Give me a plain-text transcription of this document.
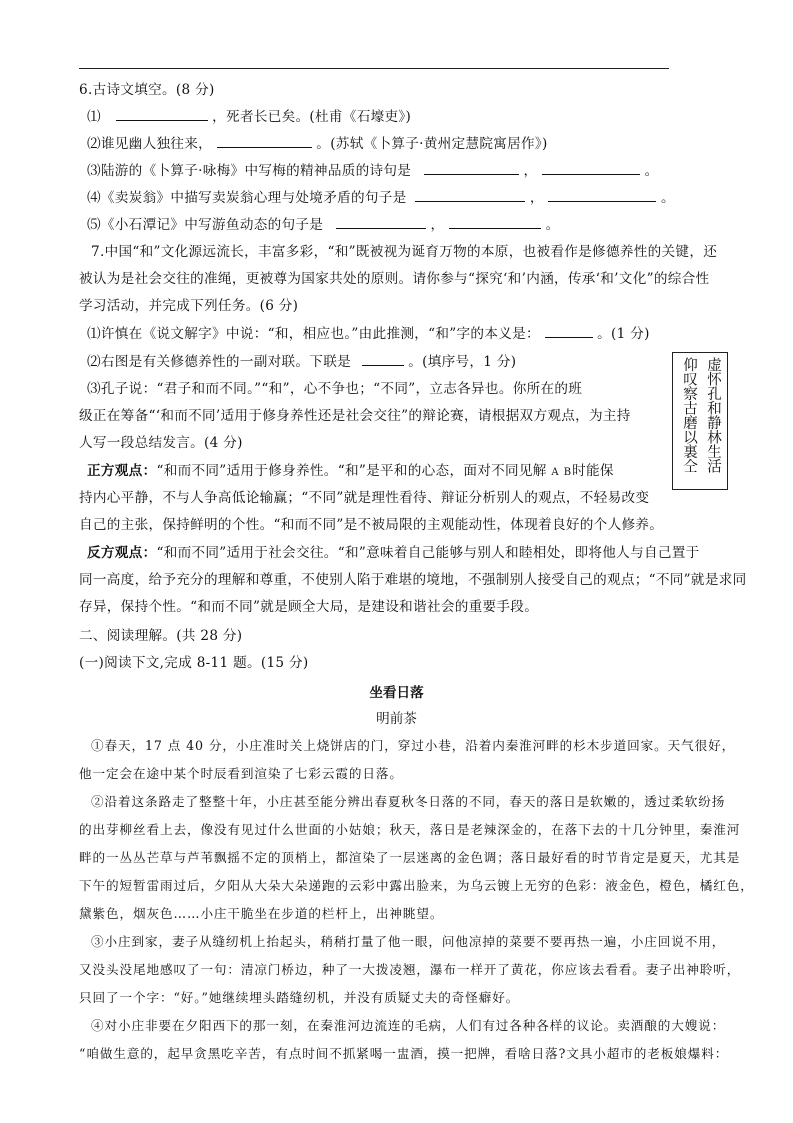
6.古诗文填空。(8 分)
⑴	，死者长已矣。(杜甫《石壕吏》)
⑵谁见幽人独往来，	。(苏轼《卜算子·黄州定慧院寓居作》)
⑶陆游的《卜算子·咏梅》中写梅的精神品质的诗句是	，	。
⑷《卖炭翁》中描写卖炭翁心理与处境矛盾的句子是	，	。
⑸《小石潭记》中写游鱼动态的句子是	，	。
7.中国“和”文化源远流长，丰富多彩，“和”既被视为诞育万物的本原，也被看作是修德养性的关键，还
被认为是社会交往的准绳，更被尊为国家共处的原则。请你参与“探究‘和’内涵，传承‘和’文化”的综合性
学习活动，并完成下列任务。(6 分)
⑴许慎在《说文解字》中说：“和，相应也。”由此推测，“和”字的本义是：	。(1 分)
⑵右图是有关修德养性的一副对联。下联是	。(填序号，1 分)
⑶孔子说：“君子和而不同。”“和”，心不争也；“不同”，立志各异也。你所在的班
级正在筹备“‘和而不同’适用于修身养性还是社会交往”的辩论赛，请根据双方观点，为主持
人写一段总结发言。(4 分)
正方观点：“和而不同”适用于修身养性。“和”是平和的心态，面对不同见解 A B时能保
持内心平静，不与人争高低论输赢；“不同”就是理性看待、辩证分析别人的观点，不轻易改变
自己的主张，保持鲜明的个性。“和而不同”是不被局限的主观能动性，体现着良好的个人修养。
反方观点：“和而不同”适用于社会交往。“和”意味着自己能够与别人和睦相处，即将他人与自己置于
同一高度，给予充分的理解和尊重，不使别人陷于难堪的境地，不强制别人接受自己的观点；“不同”就是求同
存异，保持个性。“和而不同”就是顾全大局，是建设和谐社会的重要手段。
虚怀孔和静林生活
仰叹察古磨以裏仝
二、阅读理解。(共 28 分)
(一)阅读下文,完成 8-11 题。(15 分)
坐看日落
明前茶
①春天，17 点 40 分，小庄准时关上烧饼店的门，穿过小巷，沿着内秦淮河畔的杉木步道回家。天气很好，
他一定会在途中某个时辰看到渲染了七彩云霞的日落。
②沿着这条路走了整整十年，小庄甚至能分辨出春夏秋冬日落的不同，春天的落日是软嫩的，透过柔软纷扬
的出芽柳丝看上去，像没有见过什么世面的小姑娘；秋天，落日是老辣深金的，在落下去的十几分钟里，秦淮河
畔的一丛丛芒草与芦苇飘摇不定的顶梢上，都渲染了一层迷离的金色调；落日最好看的时节肯定是夏天，尤其是
下午的短暂雷雨过后，夕阳从大朵大朵递跑的云彩中露出脸来，为乌云镀上无穷的色彩：液金色，橙色，橘红色，
黛紫色，烟灰色……小庄干脆坐在步道的栏杆上，出神眺望。
③小庄到家，妻子从缝纫机上抬起头，稍稍打量了他一眼，问他凉掉的菜要不要再热一遍，小庄回说不用，
又没头没尾地感叹了一句：清凉门桥边，种了一大拨凌翘，瀑布一样开了黄花，你应该去看看。妻子出神聆听，
只回了一个字：“好。”她继续埋头踏缝纫机，并没有质疑丈夫的奇怪癖好。
④对小庄非要在夕阳西下的那一刻，在秦淮河边流连的毛病，人们有过各种各样的议论。卖酒酿的大嫂说：
“咱做生意的，起早贪黑吃辛苦，有点时间不抓紧喝一盅酒，摸一把牌，看啥日落?文具小超市的老板娘爆料：
